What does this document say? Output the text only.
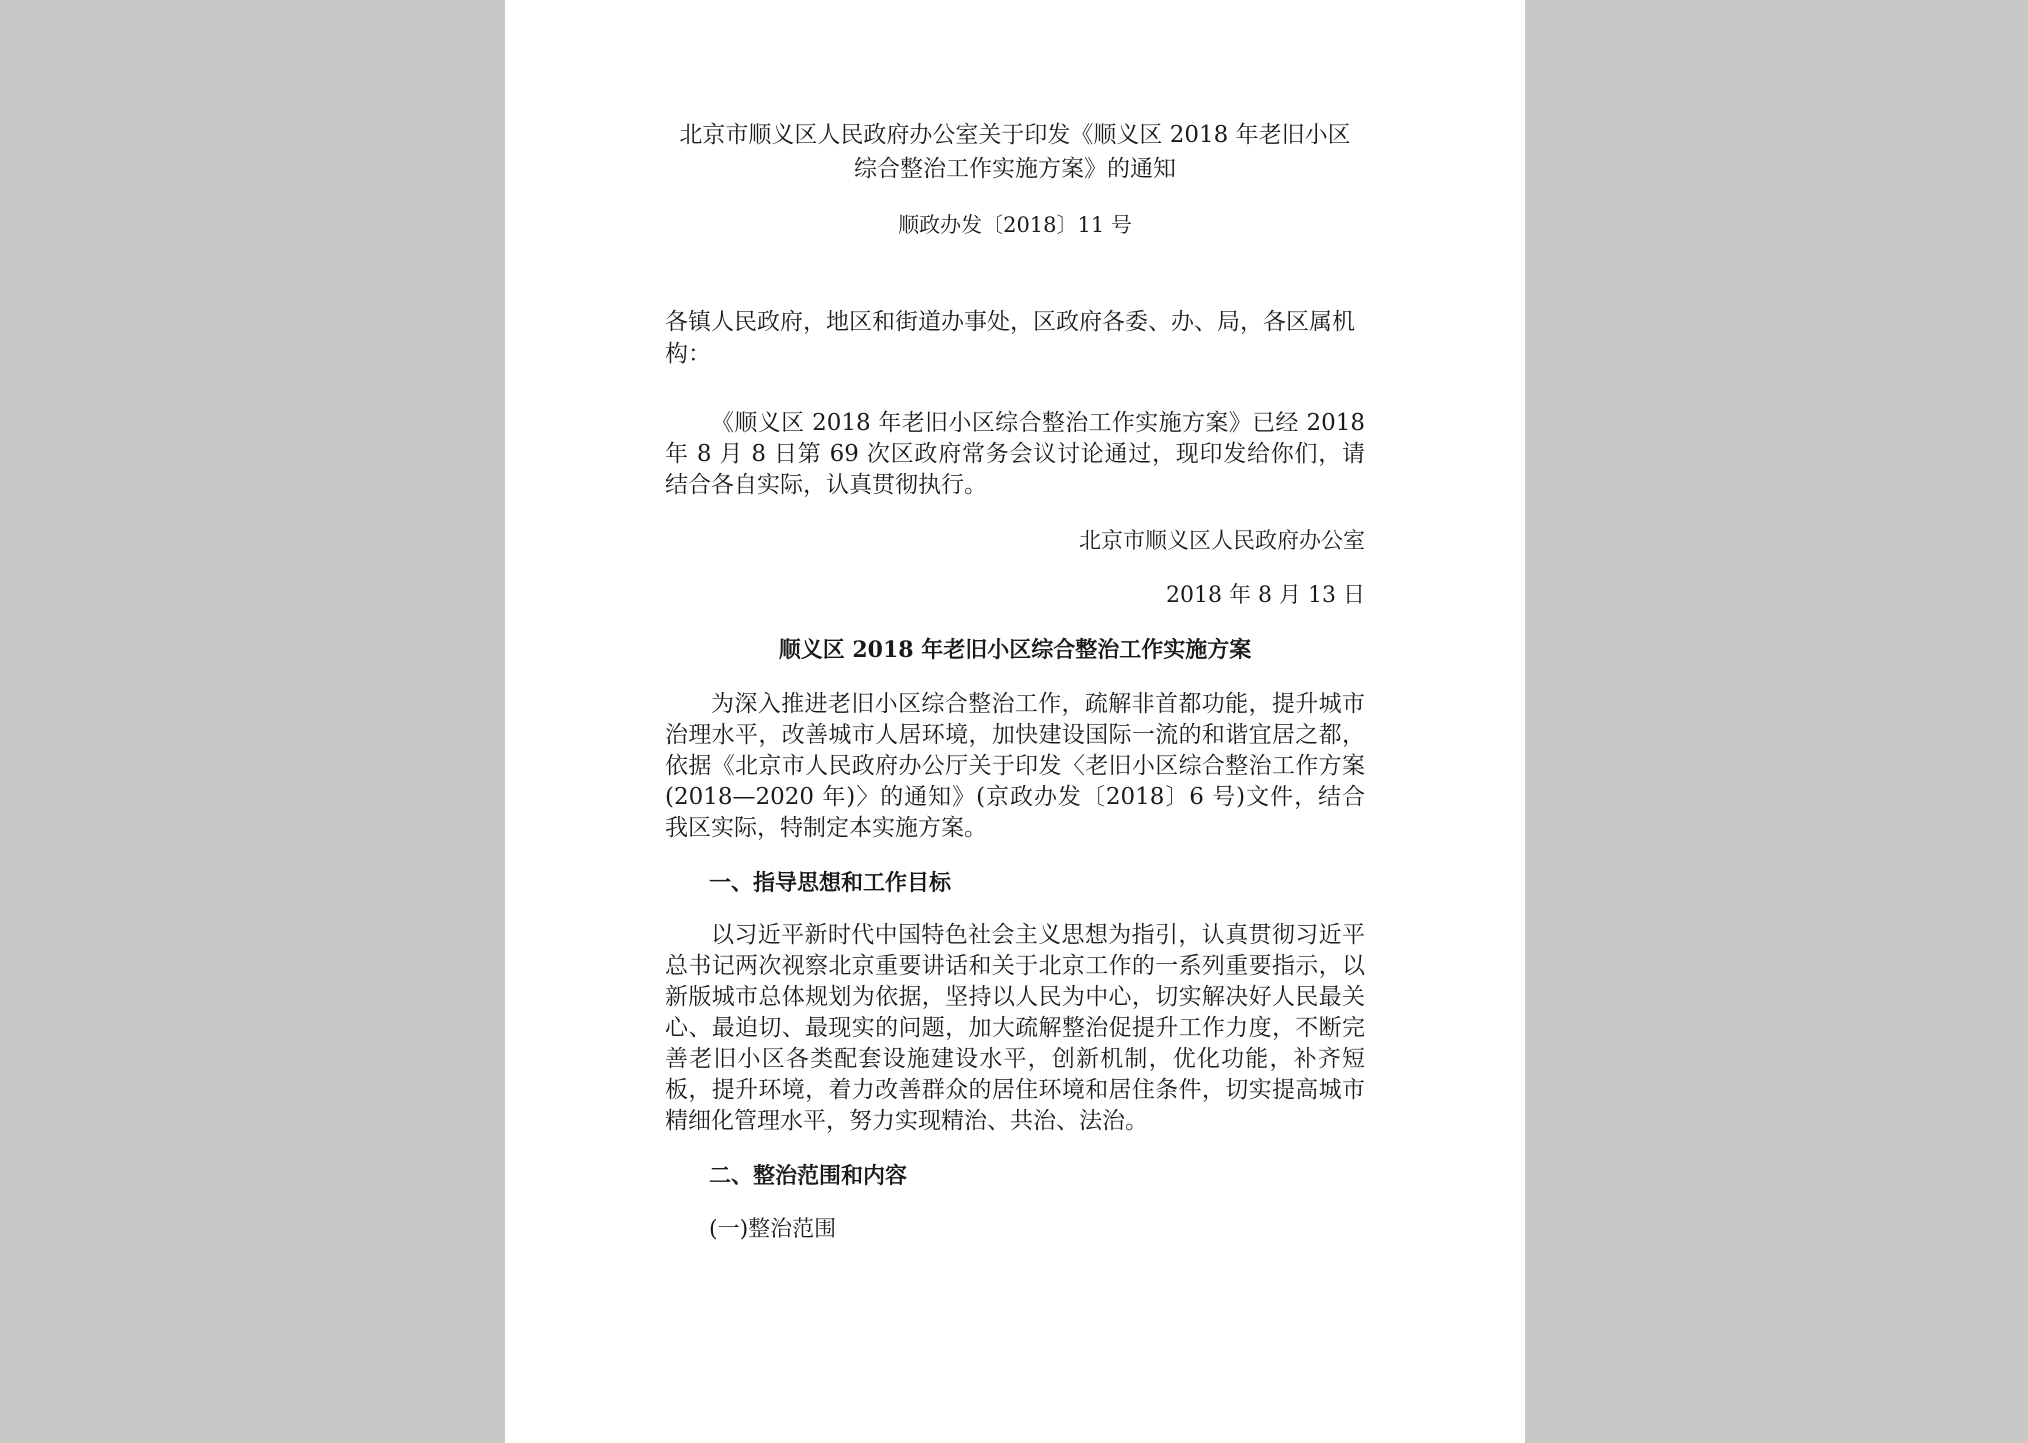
北京市顺义区人民政府办公室关于印发《顺义区 2018 年老旧小区
综合整治工作实施方案》的通知

顺政办发〔2018〕11 号

各镇人民政府，地区和街道办事处，区政府各委、办、局，各区属机构：

《顺义区 2018 年老旧小区综合整治工作实施方案》已经 2018 年 8 月 8 日第 69 次区政府常务会议讨论通过，现印发给你们，请结合各自实际，认真贯彻执行。

北京市顺义区人民政府办公室

2018 年 8 月 13 日

顺义区 2018 年老旧小区综合整治工作实施方案

为深入推进老旧小区综合整治工作，疏解非首都功能，提升城市治理水平，改善城市人居环境，加快建设国际一流的和谐宜居之都，依据《北京市人民政府办公厅关于印发〈老旧小区综合整治工作方案(2018—2020 年)〉的通知》(京政办发〔2018〕6 号)文件，结合我区实际，特制定本实施方案。

一、指导思想和工作目标

以习近平新时代中国特色社会主义思想为指引，认真贯彻习近平总书记两次视察北京重要讲话和关于北京工作的一系列重要指示，以新版城市总体规划为依据，坚持以人民为中心，切实解决好人民最关心、最迫切、最现实的问题，加大疏解整治促提升工作力度，不断完善老旧小区各类配套设施建设水平，创新机制，优化功能，补齐短板，提升环境，着力改善群众的居住环境和居住条件，切实提高城市精细化管理水平，努力实现精治、共治、法治。

二、整治范围和内容

(一)整治范围
